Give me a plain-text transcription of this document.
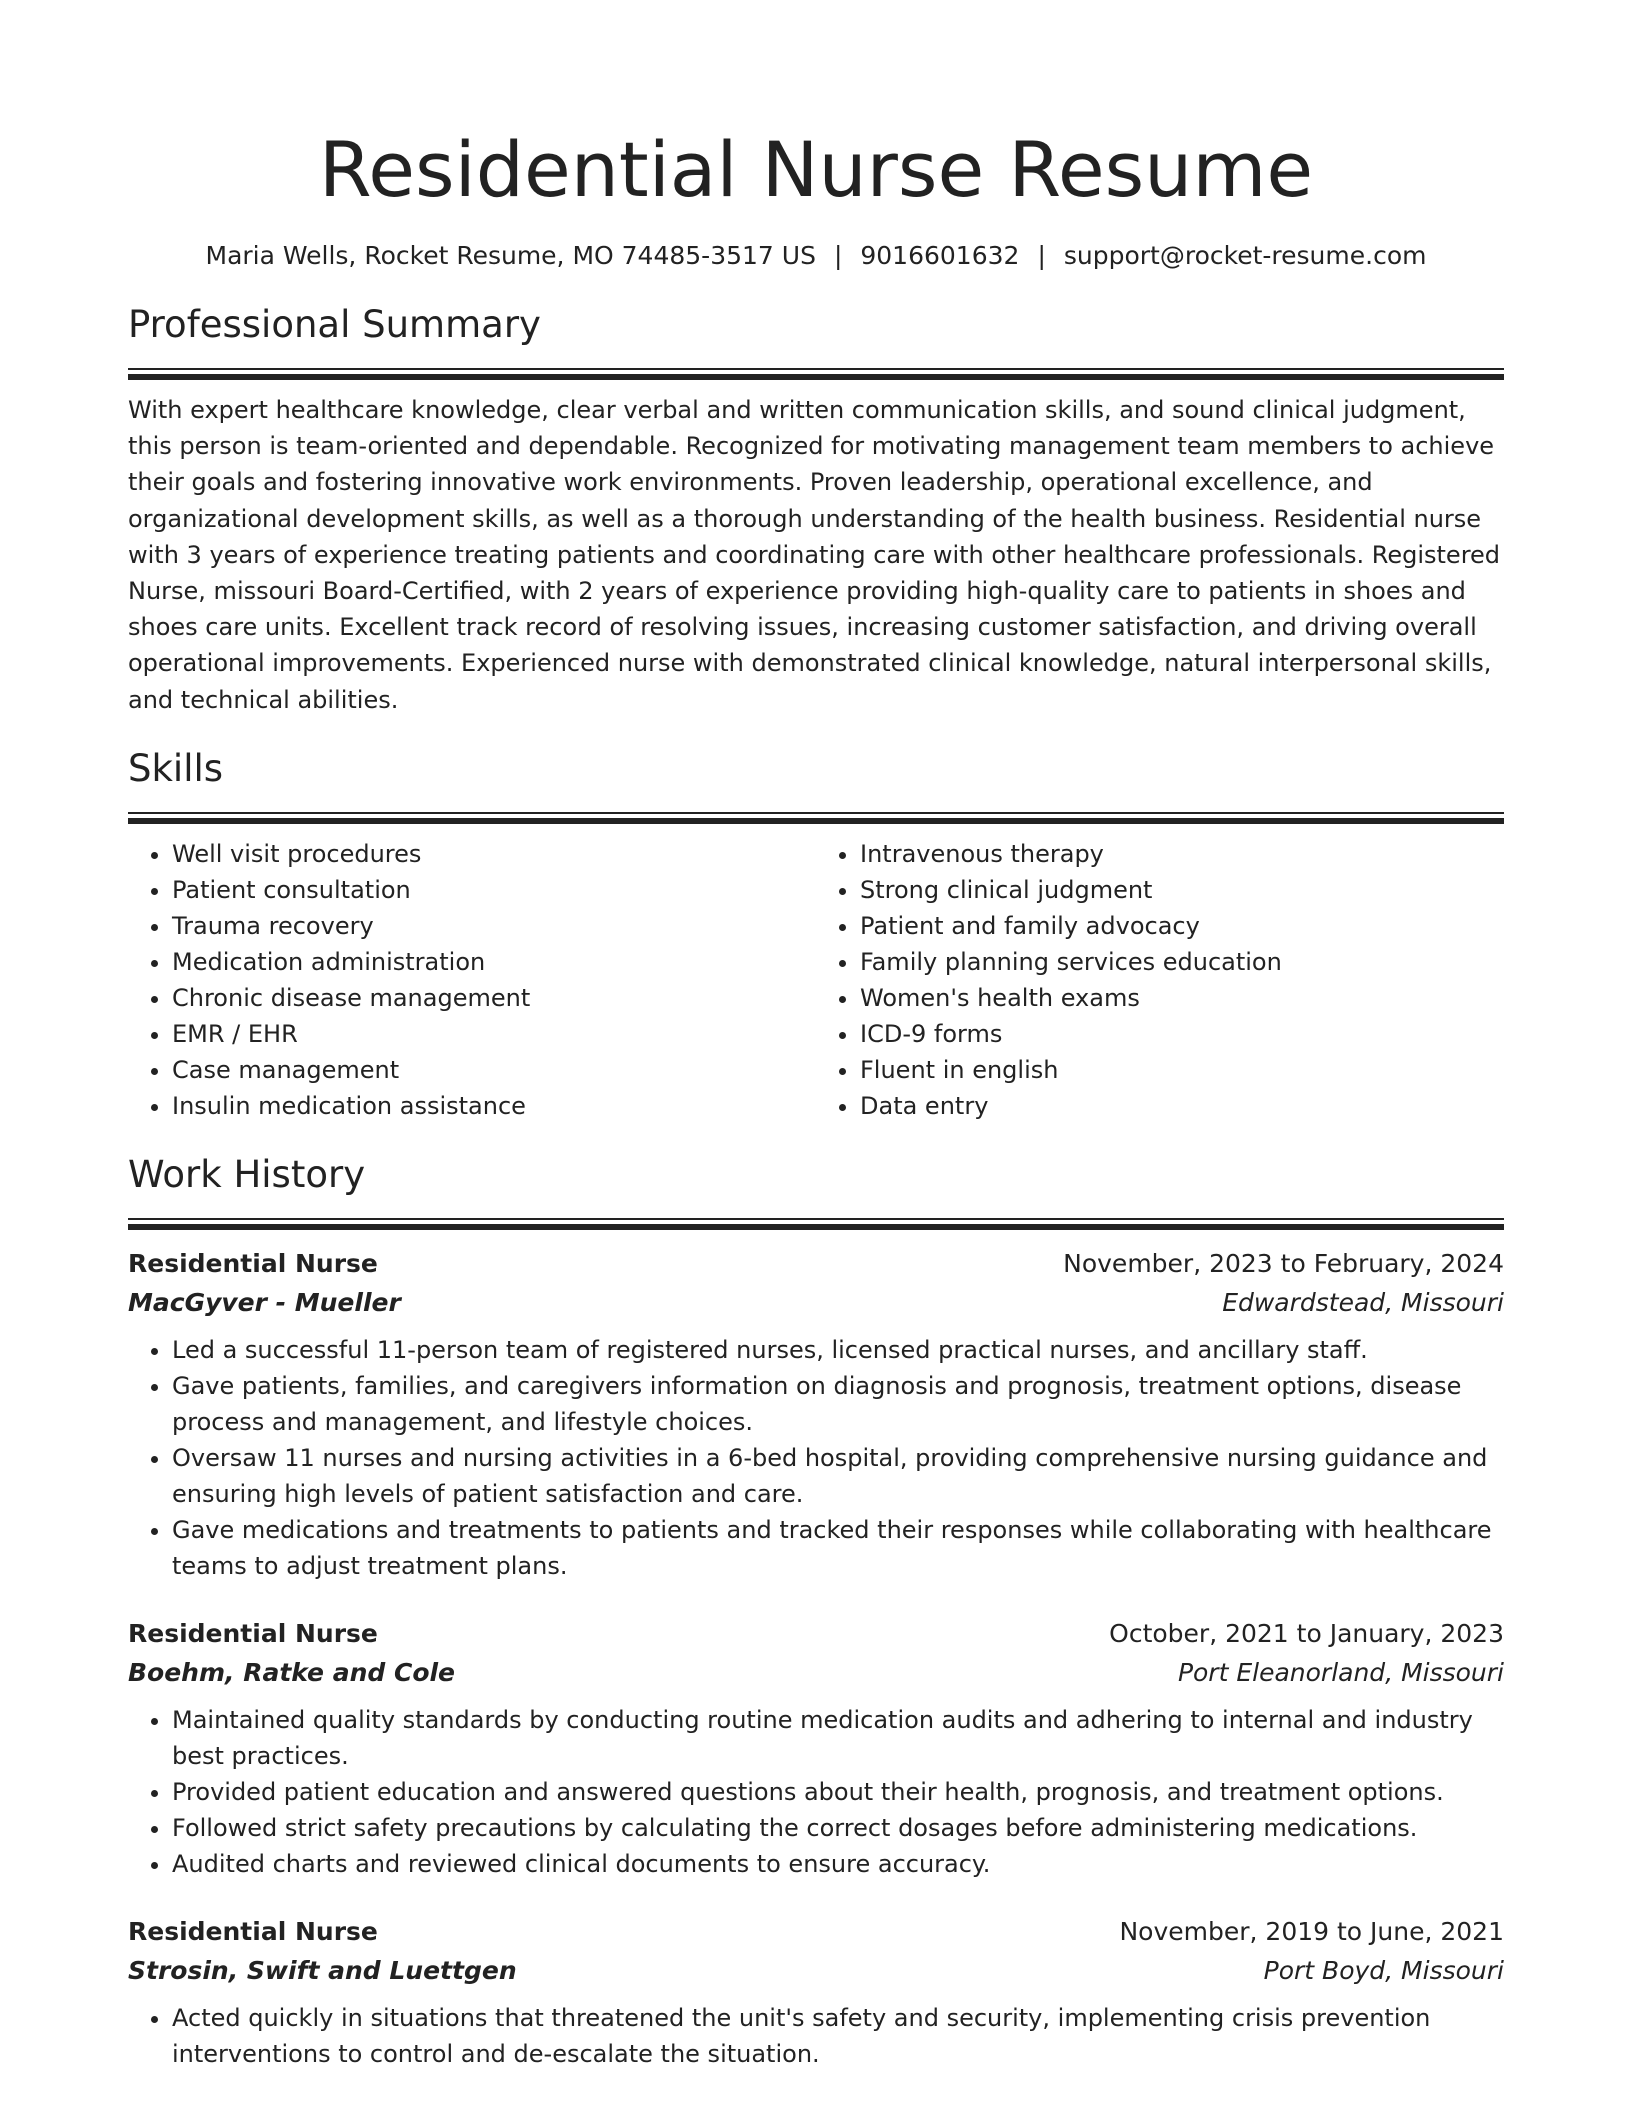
Residential Nurse Resume
Maria Wells, Rocket Resume, MO 74485-3517 US | 9016601632 | support@rocket-resume.com
Professional Summary
With expert healthcare knowledge, clear verbal and written communication skills, and sound clinical judgment, this person is team-oriented and dependable. Recognized for motivating management team members to achieve their goals and fostering innovative work environments. Proven leadership, operational excellence, and organizational development skills, as well as a thorough understanding of the health business. Residential nurse with 3 years of experience treating patients and coordinating care with other healthcare professionals. Registered Nurse, missouri Board-Certified, with 2 years of experience providing high-quality care to patients in shoes and shoes care units. Excellent track record of resolving issues, increasing customer satisfaction, and driving overall operational improvements. Experienced nurse with demonstrated clinical knowledge, natural interpersonal skills, and technical abilities.
Skills
• Well visit procedures
• Patient consultation
• Trauma recovery
• Medication administration
• Chronic disease management
• EMR / EHR
• Case management
• Insulin medication assistance
• Intravenous therapy
• Strong clinical judgment
• Patient and family advocacy
• Family planning services education
• Women's health exams
• ICD-9 forms
• Fluent in english
• Data entry
Work History
Residential Nurse	November, 2023 to February, 2024
MacGyver - Mueller	Edwardstead, Missouri
• Led a successful 11-person team of registered nurses, licensed practical nurses, and ancillary staff.
• Gave patients, families, and caregivers information on diagnosis and prognosis, treatment options, disease process and management, and lifestyle choices.
• Oversaw 11 nurses and nursing activities in a 6-bed hospital, providing comprehensive nursing guidance and ensuring high levels of patient satisfaction and care.
• Gave medications and treatments to patients and tracked their responses while collaborating with healthcare teams to adjust treatment plans.
Residential Nurse	October, 2021 to January, 2023
Boehm, Ratke and Cole	Port Eleanorland, Missouri
• Maintained quality standards by conducting routine medication audits and adhering to internal and industry best practices.
• Provided patient education and answered questions about their health, prognosis, and treatment options.
• Followed strict safety precautions by calculating the correct dosages before administering medications.
• Audited charts and reviewed clinical documents to ensure accuracy.
Residential Nurse	November, 2019 to June, 2021
Strosin, Swift and Luettgen	Port Boyd, Missouri
• Acted quickly in situations that threatened the unit's safety and security, implementing crisis prevention interventions to control and de-escalate the situation.
